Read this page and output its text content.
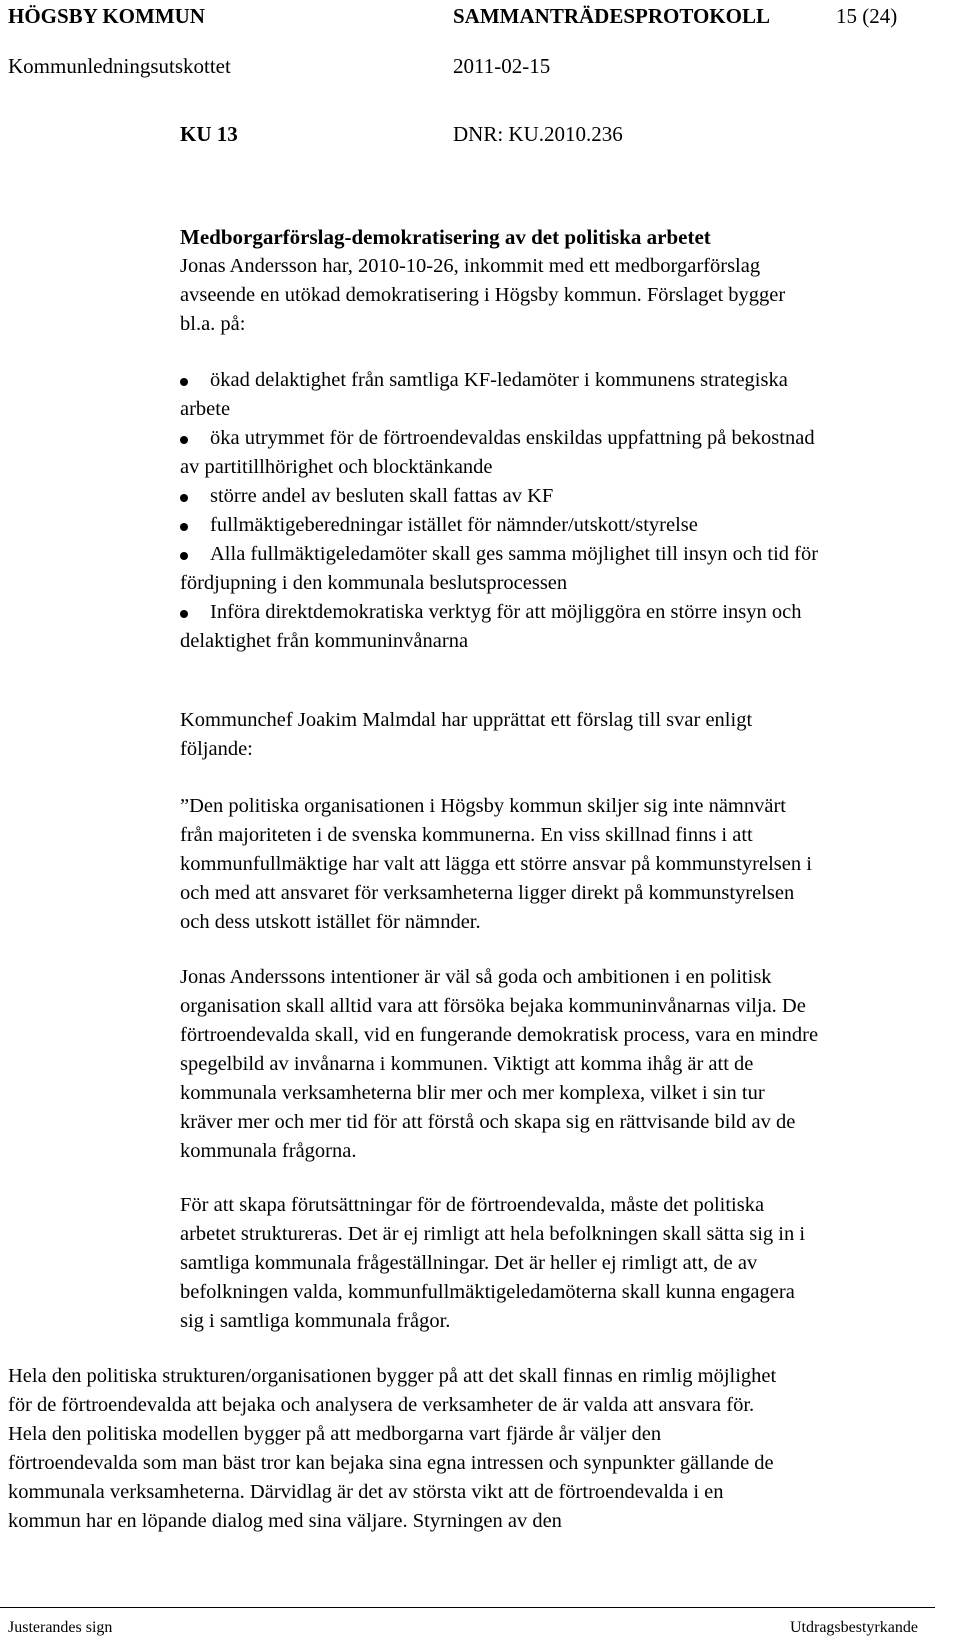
HÖGSBY KOMMUN	SAMMANTRÄDESPROTOKOLL	15 (24)
Kommunledningsutskottet	2011-02-15
KU 13	DNR: KU.2010.236
Medborgarförslag-demokratisering av det politiska arbetet
Jonas Andersson har, 2010-10-26, inkommit med ett medborgarförslag
avseende en utökad demokratisering i Högsby kommun. Förslaget bygger
bl.a. på:
ökad delaktighet från samtliga KF-ledamöter i kommunens strategiska
arbete
öka utrymmet för de förtroendevaldas enskildas uppfattning på bekostnad
av partitillhörighet och blocktänkande
större andel av besluten skall fattas av KF
fullmäktigeberedningar istället för nämnder/utskott/styrelse
Alla fullmäktigeledamöter skall ges samma möjlighet till insyn och tid för
fördjupning i den kommunala beslutsprocessen
Införa direktdemokratiska verktyg för att möjliggöra en större insyn och
delaktighet från kommuninvånarna
Kommunchef Joakim Malmdal har upprättat ett förslag till svar enligt
följande:
”Den politiska organisationen i Högsby kommun skiljer sig inte nämnvärt
från majoriteten i de svenska kommunerna. En viss skillnad finns i att
kommunfullmäktige har valt att lägga ett större ansvar på kommunstyrelsen i
och med att ansvaret för verksamheterna ligger direkt på kommunstyrelsen
och dess utskott istället för nämnder.
Jonas Anderssons intentioner är väl så goda och ambitionen i en politisk
organisation skall alltid vara att försöka bejaka kommuninvånarnas vilja. De
förtroendevalda skall, vid en fungerande demokratisk process, vara en mindre
spegelbild av invånarna i kommunen. Viktigt att komma ihåg är att de
kommunala verksamheterna blir mer och mer komplexa, vilket i sin tur
kräver mer och mer tid för att förstå och skapa sig en rättvisande bild av de
kommunala frågorna.
För att skapa förutsättningar för de förtroendevalda, måste det politiska
arbetet struktureras. Det är ej rimligt att hela befolkningen skall sätta sig in i
samtliga kommunala frågeställningar. Det är heller ej rimligt att, de av
befolkningen valda, kommunfullmäktigeledamöterna skall kunna engagera
sig i samtliga kommunala frågor.
Hela den politiska strukturen/organisationen bygger på att det skall finnas en rimlig möjlighet
för de förtroendevalda att bejaka och analysera de verksamheter de är valda att ansvara för.
Hela den politiska modellen bygger på att medborgarna vart fjärde år väljer den
förtroendevalda som man bäst tror kan bejaka sina egna intressen och synpunkter gällande de
kommunala verksamheterna. Därvidlag är det av största vikt att de förtroendevalda i en
kommun har en löpande dialog med sina väljare. Styrningen av den
Justerandes sign	Utdragsbestyrkande
